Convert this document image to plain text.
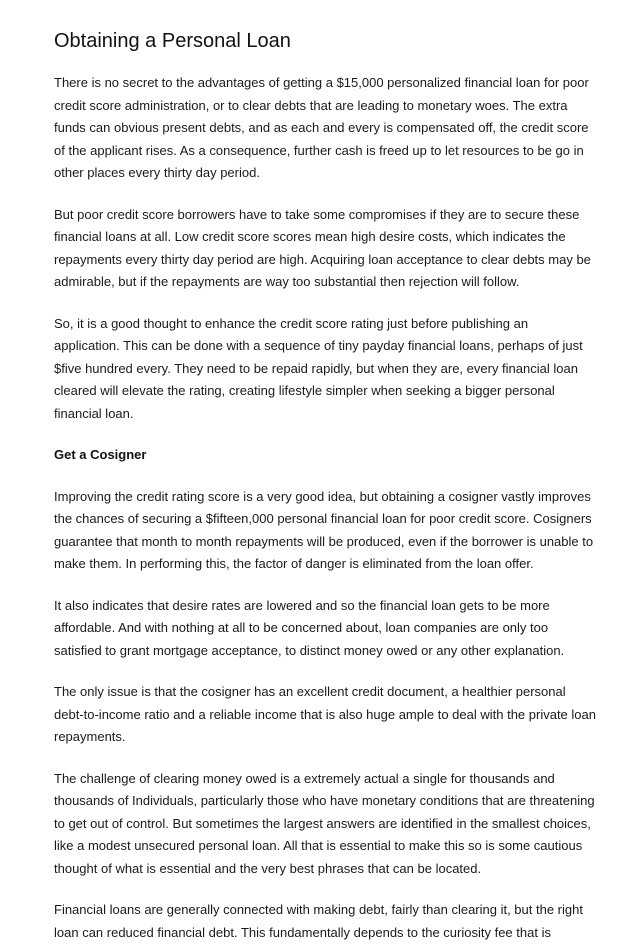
Obtaining a Personal Loan

There is no secret to the advantages of getting a $15,000 personalized financial loan for poor credit score administration, or to clear debts that are leading to monetary woes. The extra funds can obvious present debts, and as each and every is compensated off, the credit score of the applicant rises. As a consequence, further cash is freed up to let resources to be go in other places every thirty day period.

But poor credit score borrowers have to take some compromises if they are to secure these financial loans at all. Low credit score scores mean high desire costs, which indicates the repayments every thirty day period are high. Acquiring loan acceptance to clear debts may be admirable, but if the repayments are way too substantial then rejection will follow.

So, it is a good thought to enhance the credit score rating just before publishing an application. This can be done with a sequence of tiny payday financial loans, perhaps of just $five hundred every. They need to be repaid rapidly, but when they are, every financial loan cleared will elevate the rating, creating lifestyle simpler when seeking a bigger personal financial loan.

Get a Cosigner

Improving the credit rating score is a very good idea, but obtaining a cosigner vastly improves the chances of securing a $fifteen,000 personal financial loan for poor credit score. Cosigners guarantee that month to month repayments will be produced, even if the borrower is unable to make them. In performing this, the factor of danger is eliminated from the loan offer.

It also indicates that desire rates are lowered and so the financial loan gets to be more affordable. And with nothing at all to be concerned about, loan companies are only too satisfied to grant mortgage acceptance, to distinct money owed or any other explanation.

The only issue is that the cosigner has an excellent credit document, a healthier personal debt-to-income ratio and a reliable income that is also huge ample to deal with the private loan repayments.

The challenge of clearing money owed is a extremely actual a single for thousands and thousands of Individuals, particularly those who have monetary conditions that are threatening to get out of control. But sometimes the largest answers are identified in the smallest choices, like a modest unsecured personal loan. All that is essential to make this so is some cautious thought of what is essential and the very best phrases that can be located.

Financial loans are generally connected with making debt, fairly than clearing it, but the right loan can reduced financial debt. This fundamentally depends to the curiosity fee that is
